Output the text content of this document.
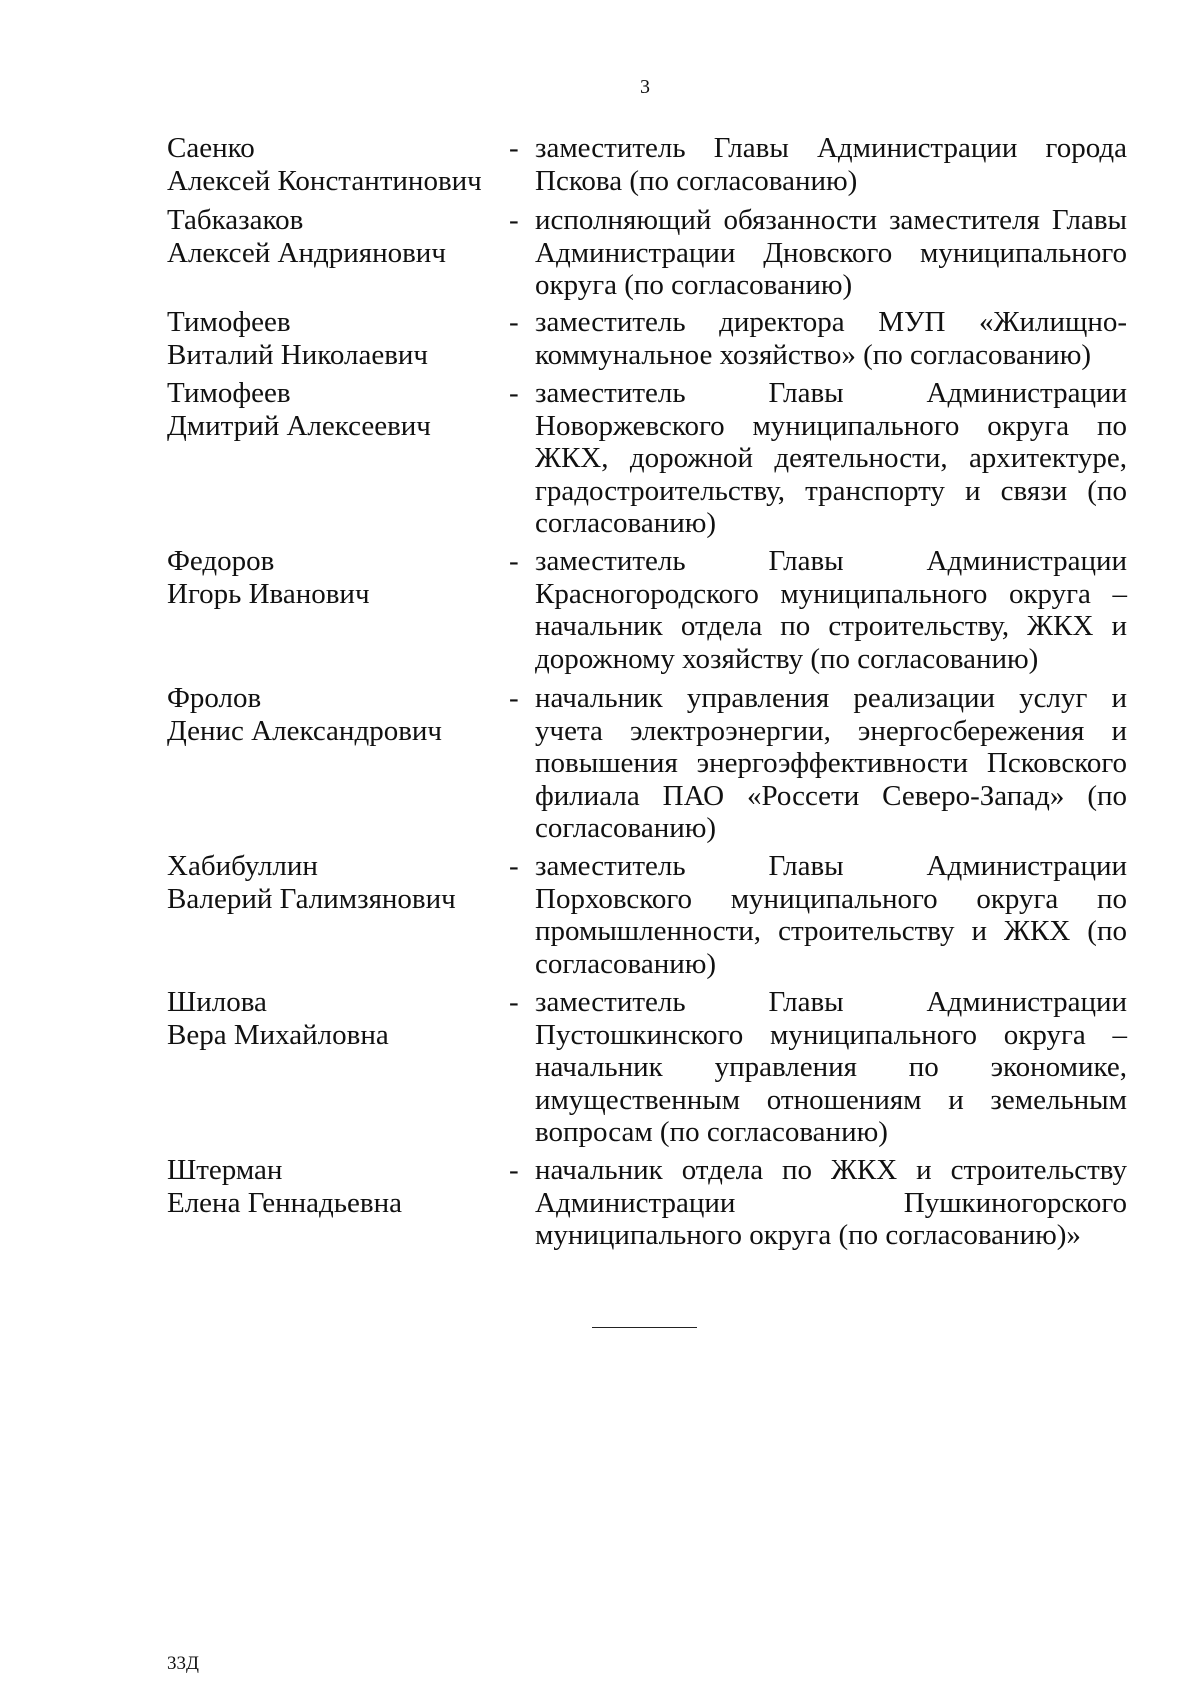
3
Саенко
Алексей Константинович
- заместитель Главы Администрации города Пскова (по согласованию)
Табказаков
Алексей Андриянович
- исполняющий обязанности заместителя Главы Администрации Дновского муниципального округа (по согласованию)
Тимофеев
Виталий Николаевич
- заместитель директора МУП «Жилищно-коммунальное хозяйство» (по согласованию)
Тимофеев
Дмитрий Алексеевич
- заместитель Главы Администрации Новоржевского муниципального округа по ЖКХ, дорожной деятельности, архитектуре, градостроительству, транспорту и связи (по согласованию)
Федоров
Игорь Иванович
- заместитель Главы Администрации Красногородского муниципального округа – начальник отдела по строительству, ЖКХ и дорожному хозяйству (по согласованию)
Фролов
Денис Александрович
- начальник управления реализации услуг и учета электроэнергии, энергосбережения и повышения энергоэффективности Псковского филиала ПАО «Россети Северо-Запад» (по согласованию)
Хабибуллин
Валерий Галимзянович
- заместитель Главы Администрации Порховского муниципального округа по промышленности, строительству и ЖКХ (по согласованию)
Шилова
Вера Михайловна
- заместитель Главы Администрации Пустошкинского муниципального округа – начальник управления по экономике, имущественным отношениям и земельным вопросам (по согласованию)
Штерман
Елена Геннадьевна
- начальник отдела по ЖКХ и строительству Администрации Пушкиногорского муниципального округа (по согласованию)»
33Д
